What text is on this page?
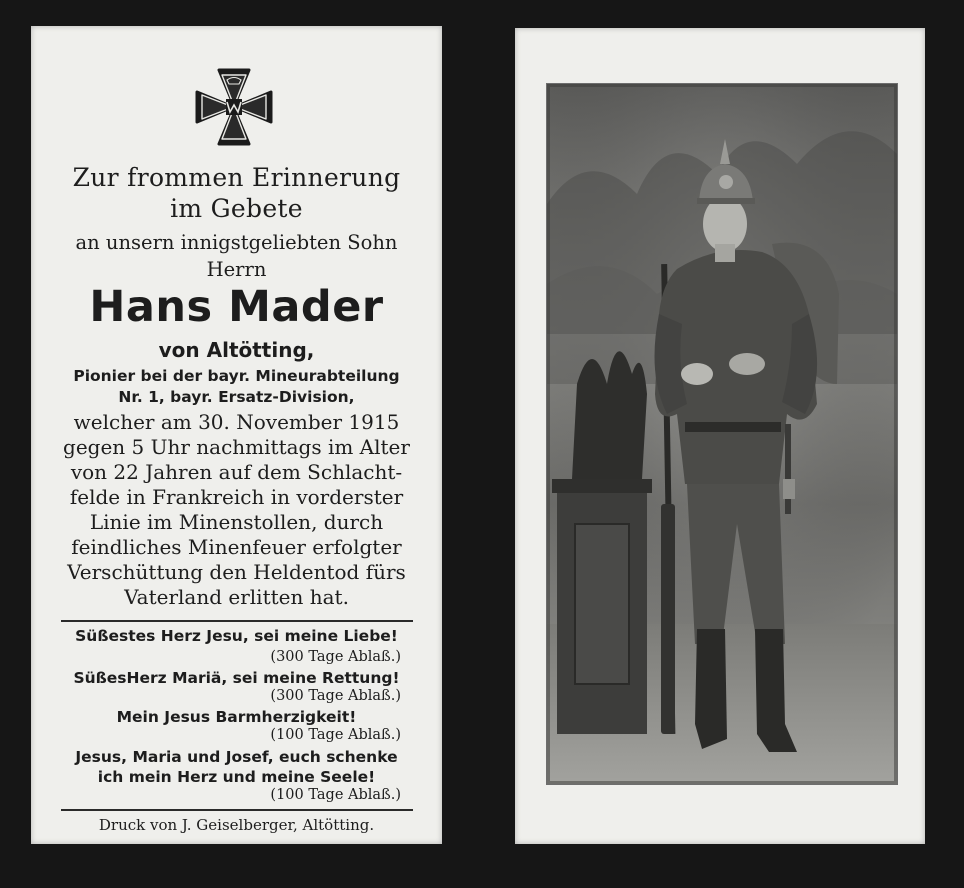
Zur frommen Erinnerung
im Gebete
an unsern innigstgeliebten Sohn
Herrn
Hans Mader
von Altötting,
Pionier bei der bayr. Mineurabteilung
Nr. 1, bayr. Ersatz-Division,
welcher am 30. November 1915
gegen 5 Uhr nachmittags im Alter
von 22 Jahren auf dem Schlacht-
felde in Frankreich in vorderster
Linie im Minenstollen, durch
feindliches Minenfeuer erfolgter
Verschüttung den Heldentod fürs
Vaterland erlitten hat.
Süßestes Herz Jesu, sei meine Liebe!
(300 Tage Ablaß.)
SüßesHerz Mariä, sei meine Rettung!
(300 Tage Ablaß.)
Mein Jesus Barmherzigkeit!
(100 Tage Ablaß.)
Jesus, Maria und Josef, euch schenke
ich mein Herz und meine Seele!
(100 Tage Ablaß.)
Druck von J. Geiselberger, Altötting.
